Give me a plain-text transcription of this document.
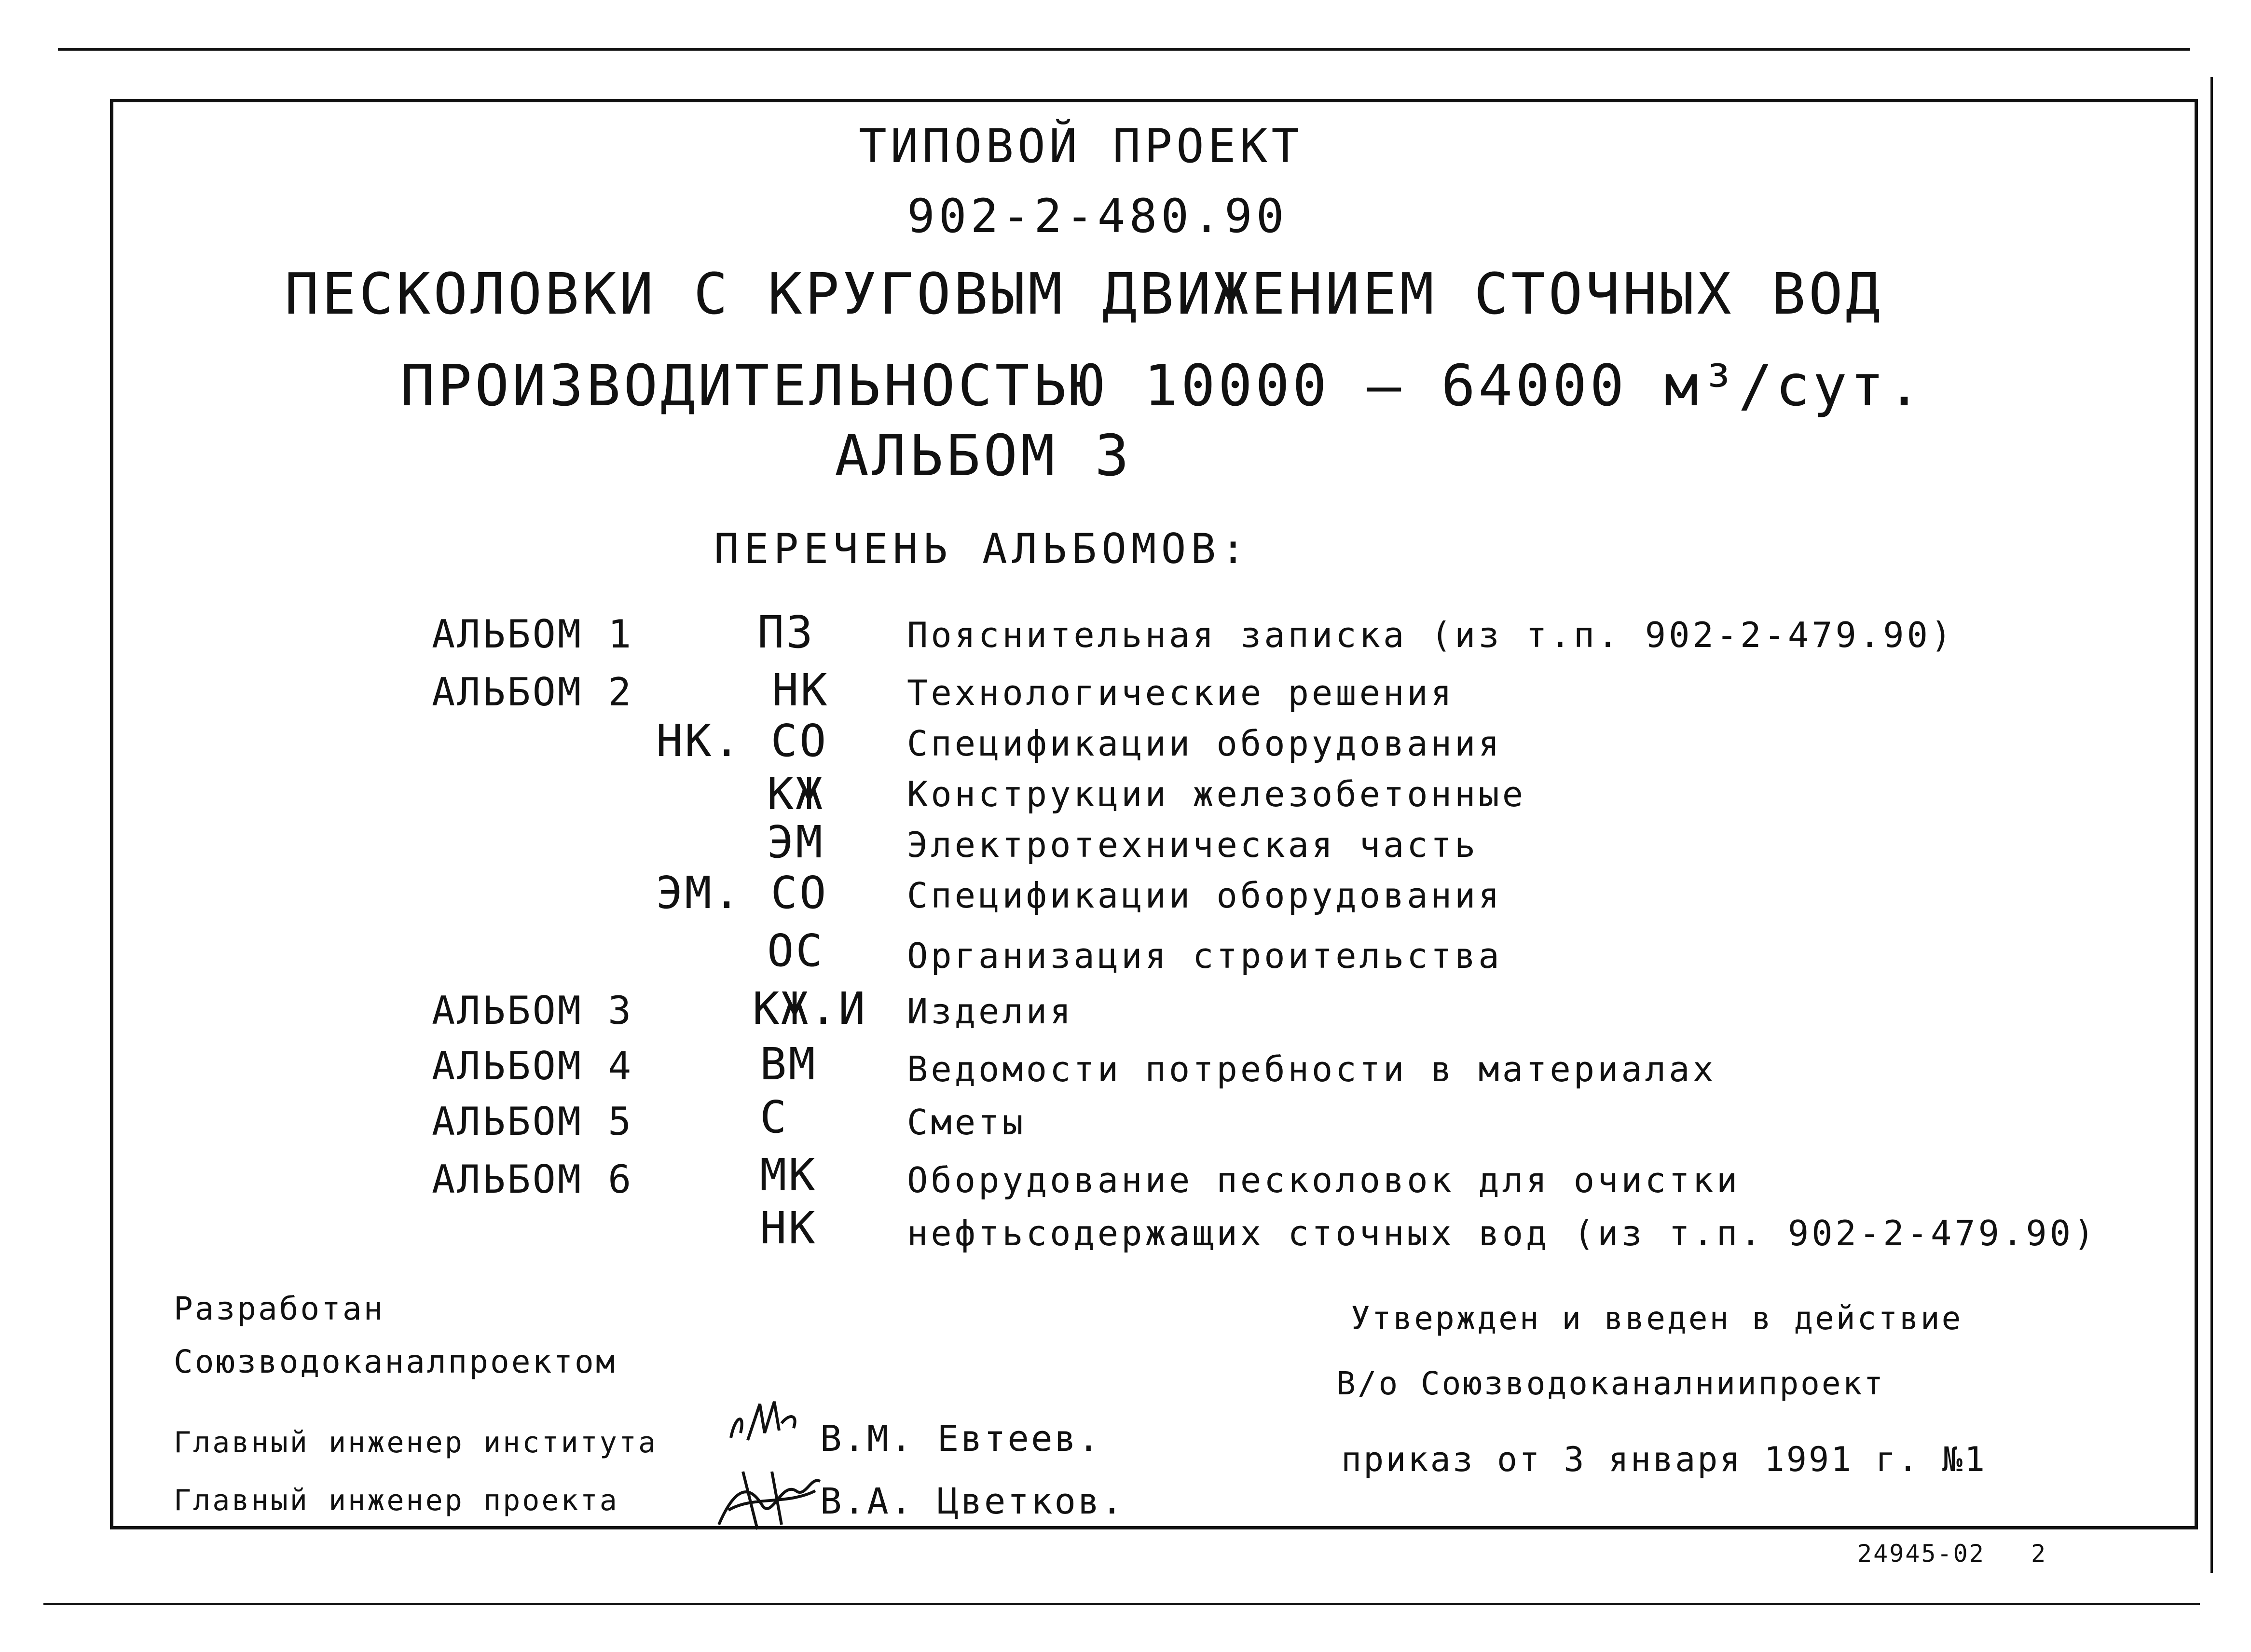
ТИПОВОЙ ПРОЕКТ
902-2-480.90
ПЕСКОЛОВКИ С КРУГОВЫМ ДВИЖЕНИЕМ СТОЧНЫХ ВОД
ПРОИЗВОДИТЕЛЬНОСТЬЮ 10000 – 64000 м³/сут.
АЛЬБОМ 3
ПЕРЕЧЕНЬ АЛЬБОМОВ:
АЛЬБОМ 1	ПЗ	Пояснительная записка (из т.п. 902-2-479.90)
АЛЬБОМ 2	НК Технологические решения
НК. СО Спецификации оборудования
КЖ Конструкции железобетонные
ЭМ Электротехническая часть
ЭМ. СО Спецификации оборудования
ОС Организация строительства
АЛЬБОМ 3	КЖ.И Изделия
АЛЬБОМ 4	ВМ	Ведомости потребности в материалах
АЛЬБОМ 5	С	Сметы
АЛЬБОМ 6	МК	Оборудование песколовок для очистки
НК	нефтьсодержащих сточных вод (из т.п. 902-2-479.90)
Разработан
Союзводоканалпроектом
Главный инженер института	В.М. Евтеев.
Главный инженер проекта	В.А. Цветков.
Утвержден и введен в действие
В/о Союзводоканалниипроект
приказ от 3 января 1991 г. №1
24945-02 2
